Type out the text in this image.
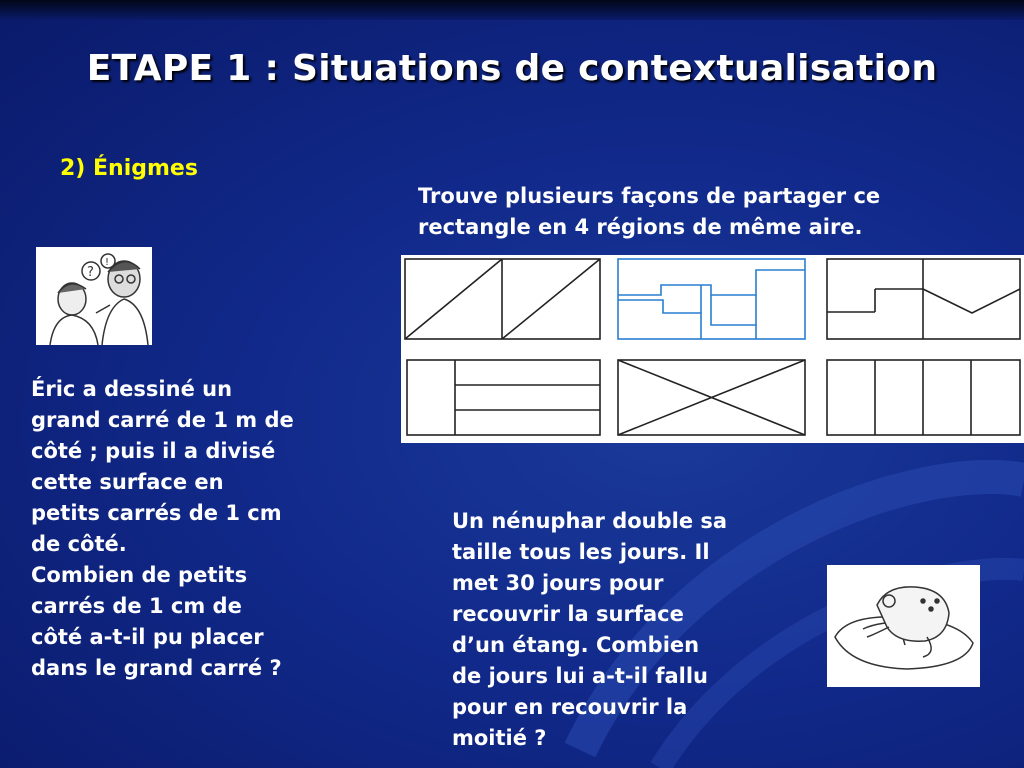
ETAPE 1 : Situations de contextualisation
2) Énigmes
Trouve plusieurs façons de partager ce
rectangle en 4 régions de même aire.
?
!
Éric a dessiné un
grand carré de 1 m de
côté ; puis il a divisé
cette surface en
petits carrés de 1 cm
de côté.
Combien de petits
carrés de 1 cm de
côté a-t-il pu placer
dans le grand carré ?
Un nénuphar double sa
taille tous les jours. Il
met 30 jours pour
recouvrir la surface
d’un étang. Combien
de jours lui a-t-il fallu
pour en recouvrir la
moitié ?
